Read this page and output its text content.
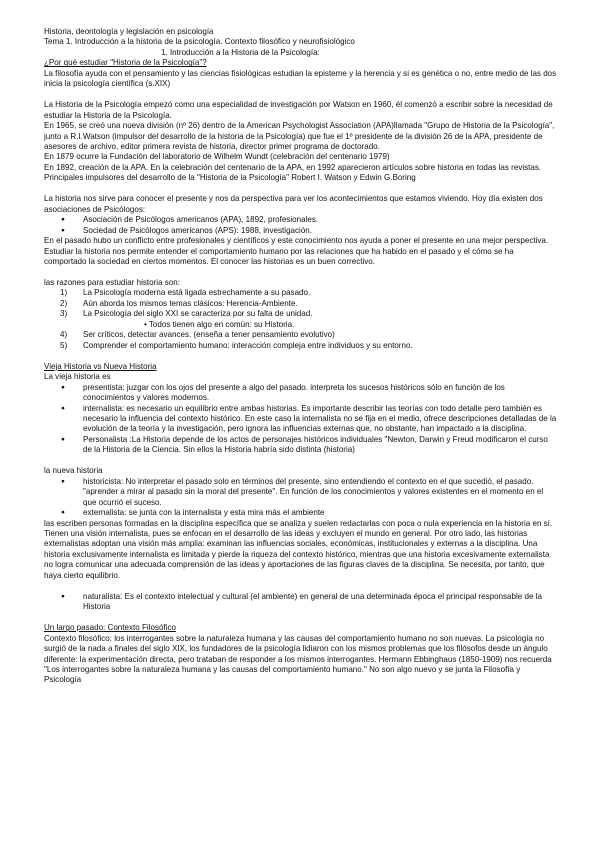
Historia, deontología y legislación en psicología

Tema 1. Introducción a la historia de la psicología. Contexto filosófico y neurofisiológico

1. Introducción a la Historia de la Psicología:

¿Por qué estudiar "Historia de la Psicología"?

La filosofía ayuda con el pensamiento y las ciencias fisiológicas estudian la episteme y la herencia y si es genética o no, entre medio de las dos inicia la psicología científica (s.XIX)

La Historia de la Psicología empezó como una especialidad de investigación por Watson en 1960, él comenzó a escribir sobre la necesidad de estudiar la Historia de la Psicología.

En 1965, se creó una nueva división (nº 26) dentro de la American Psychologist Association (APA)llamada "Grupo de Historia de la Psicología", junto a R.I.Watson (impulsor del desarrollo de la historia de la Psicología) que fue el 1º presidente de la división 26 de la APA, presidente de asesores de archivo, editor primera revista de historia, director primer programa de doctorado.

En 1879 ocurre la Fundación del laboratorio de Wilhelm Wundt (celebración del centenario 1979)

En 1892, creación de la APA. En la celebración del centenario de la APA, en 1992 aparecieron artículos sobre historia en todas las revistas.

Principales impulsores del desarrollo de la "Historia de la Psicología" Robert I. Watson y Edwin G.Boring

La historia nos sirve para conocer el presente y nos da perspectiva para ver los acontecimientos que estamos viviendo. Hoy día existen dos asociaciones de Psicólogos:

● Asociación de Psicólogos americanos (APA), 1892, profesionales.
● Sociedad de Psicólogos americanos (APS): 1988, investigación.

En el pasado hubo un conflicto entre profesionales y científicos y este conocimiento nos ayuda a poner el presente en una mejor perspectiva. Estudiar la historia nos permite entender el comportamiento humano por las relaciones que ha habido en el pasado y el cómo se ha comportado la sociedad en ciertos momentos. El conocer las historias es un buen correctivo.

las razones para estudiar historia son:

1) La Psicología moderna está ligada estrechamente a su pasado.
2) Aún aborda los mismos temas clásicos: Herencia-Ambiente.
3) La Psicología del siglo XXI se caracteriza por su falta de unidad.

• Todos tienen algo en común: su Historia.

4) Ser críticos, detectar avances. (enseña a tener pensamiento evolutivo)
5) Comprender el comportamiento humano: interacción compleja entre individuos y su entorno.

Vieja Historia vs Nueva Historia

La vieja historia es

● presentista: juzgar con los ojos del presente a algo del pasado. interpreta los sucesos históricos sólo en función de los conocimientos y valores modernos.
● internalista: es necesario un equilibrio entre ambas historias. Es importante describir las teorías con todo detalle pero también es necesario la influencia del contexto histórico. En este caso la internalista no se fija en el medio, ofrece descripciones detalladas de la evolución de la teoría y la investigación, pero ignora las influencias externas que, no obstante, han impactado a la disciplina.
● Personalista :La Historia depende de los actos de personajes históricos individuales "Newton, Darwin y Freud modificaron el curso de la Historia de la Ciencia. Sin ellos la Historia habría sido distinta (historia)

la nueva historia

● historicista: No interpretar el pasado solo en términos del presente, sino entendiendo el contexto en el que sucedió, el pasado. "aprender a mirar al pasado sin la moral del presente". En función de los conocimientos y valores existentes en el momento en el que ocurrió el suceso.
● externalista: se junta con la internalista y esta mira más el ambiente

las escriben personas formadas en la disciplina específica que se analiza y suelen redactarlas con poca o nula experiencia en la historia en sí. Tienen una visión internalista, pues se enfocan en el desarrollo de las ideas y excluyen el mundo en general. Por otro lado, las historias externalistas adoptan una visión más amplia: examinan las influencias sociales, económicas, institucionales y externas a la disciplina. Una historia exclusivamente internalista es limitada y pierde la riqueza del contexto histórico, mientras que una historia excesivamente externalista no logra comunicar una adecuada comprensión de las ideas y aportaciones de las figuras claves de la disciplina. Se necesita, por tanto, que haya cierto equilibrio.

● naturalista: Es el contexto intelectual y cultural (el ambiente) en general de una determinada época el principal responsable de la Historia

Un largo pasado: Contexto Filosófico

Contexto filosófico: los interrogantes sobre la naturaleza humana y las causas del comportamiento humano no son nuevas. La psicología no surgió de la nada a finales del siglo XIX, los fundadores de la psicología lidiaron con los mismos problemas que los filósofos desde un ángulo diferente: la experimentación directa, pero trataban de responder a los mismos interrogantes. Hermann Ebbinghaus (1850-1909) nos recuerda "Los interrogantes sobre la naturaleza humana y las causas del comportamiento humano." No son algo nuevo y se junta la Filosofía y Psicología
